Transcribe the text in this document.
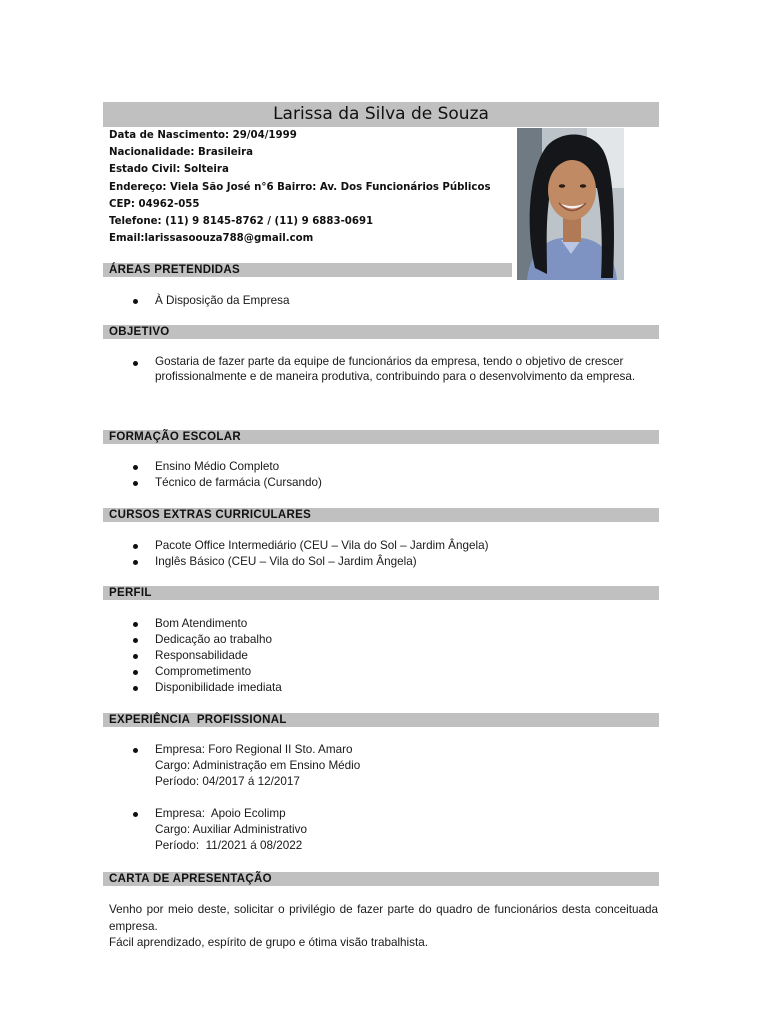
Larissa da Silva de Souza
Data de Nascimento: 29/04/1999
Nacionalidade: Brasileira
Estado Civil: Solteira
Endereço: Viela São José n°6 Bairro: Av. Dos Funcionários Públicos
CEP: 04962-055
Telefone: (11) 9 8145-8762 / (11) 9 6883-0691
Email:larissasoouza788@gmail.com
ÁREAS PRETENDIDAS
À Disposição da Empresa
OBJETIVO
Gostaria de fazer parte da equipe de funcionários da empresa, tendo o objetivo de crescer profissionalmente e de maneira produtiva, contribuindo para o desenvolvimento da empresa.
FORMAÇÃO ESCOLAR
Ensino Médio Completo
Técnico de farmácia (Cursando)
CURSOS EXTRAS CURRICULARES
Pacote Office Intermediário (CEU – Vila do Sol – Jardim Ângela)
Inglês Básico (CEU – Vila do Sol – Jardim Ângela)
PERFIL
Bom Atendimento
Dedicação ao trabalho
Responsabilidade
Comprometimento
Disponibilidade imediata
EXPERIÊNCIA  PROFISSIONAL
Empresa: Foro Regional II Sto. Amaro
Cargo: Administração em Ensino Médio
Período: 04/2017 á 12/2017
Empresa:  Apoio Ecolimp
Cargo: Auxiliar Administrativo
Período:  11/2021 á 08/2022
CARTA DE APRESENTAÇÃO
Venho por meio deste, solicitar o privilégio de fazer parte do quadro de funcionários desta conceituada empresa.
Fácil aprendizado, espírito de grupo e ótima visão trabalhista.
